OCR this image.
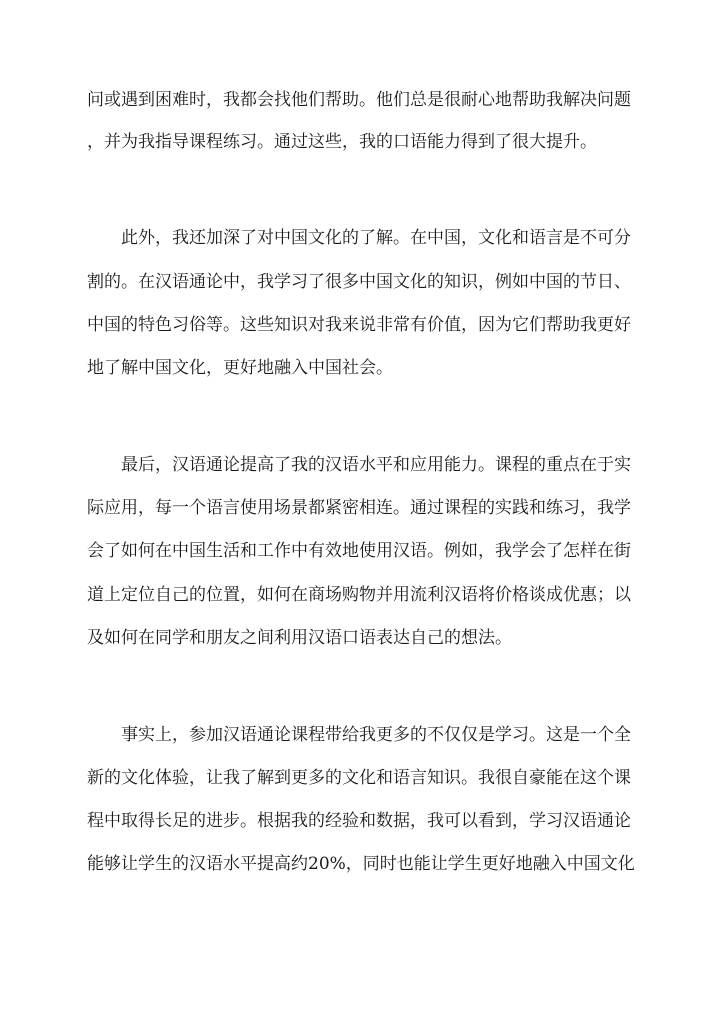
问或遇到困难时，我都会找他们帮助。他们总是很耐心地帮助我解决问题
，并为我指导课程练习。通过这些，我的口语能力得到了很大提升。
　　此外，我还加深了对中国文化的了解。在中国，文化和语言是不可分
割的。在汉语通论中，我学习了很多中国文化的知识，例如中国的节日、
中国的特色习俗等。这些知识对我来说非常有价值，因为它们帮助我更好
地了解中国文化，更好地融入中国社会。
　　最后，汉语通论提高了我的汉语水平和应用能力。课程的重点在于实
际应用，每一个语言使用场景都紧密相连。通过课程的实践和练习，我学
会了如何在中国生活和工作中有效地使用汉语。例如，我学会了怎样在街
道上定位自己的位置，如何在商场购物并用流利汉语将价格谈成优惠；以
及如何在同学和朋友之间利用汉语口语表达自己的想法。
　　事实上，参加汉语通论课程带给我更多的不仅仅是学习。这是一个全
新的文化体验，让我了解到更多的文化和语言知识。我很自豪能在这个课
程中取得长足的进步。根据我的经验和数据，我可以看到，学习汉语通论
能够让学生的汉语水平提高约20%，同时也能让学生更好地融入中国文化
